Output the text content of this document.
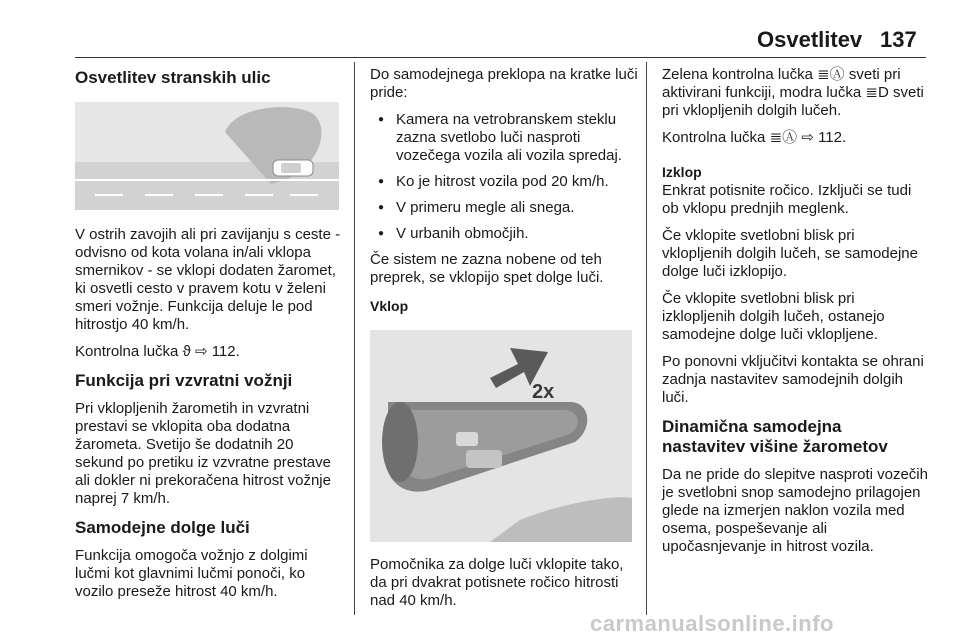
Osvetlitev 137
Osvetlitev stranskih ulic

V ostrih zavojih ali pri zavijanju s ceste - odvisno od kota volana in/ali vklopa smernikov - se vklopi dodaten žaromet, ki osvetli cesto v pravem kotu v želeni smeri vožnje. Funkcija deluje le pod hitrostjo 40 km/h.

Kontrolna lučka ϑ ⇨ 112.

Funkcija pri vzvratni vožnji

Pri vklopljenih žarometih in vzvratni prestavi se vklopita oba dodatna žarometa. Svetijo še dodatnih 20 sekund po pretiku iz vzvratne prestave ali dokler ni prekoračena hitrost vožnje naprej 7 km/h.

Samodejne dolge luči

Funkcija omogoča vožnjo z dolgimi lučmi kot glavnimi lučmi ponoči, ko vozilo preseže hitrost 40 km/h.

Do samodejnega preklopa na kratke luči pride:

● Kamera na vetrobranskem steklu zazna svetlobo luči nasproti vozečega vozila ali vozila spredaj.
● Ko je hitrost vozila pod 20 km/h.
● V primeru megle ali snega.
● V urbanih območjih.

Če sistem ne zazna nobene od teh preprek, se vklopijo spet dolge luči.

Vklop
2x

Pomočnika za dolge luči vklopite tako, da pri dvakrat potisnete ročico hitrosti nad 40 km/h.

Zelena kontrolna lučka ≣Ⓐ sveti pri aktivirani funkciji, modra lučka ≣D sveti pri vklopljenih dolgih lučeh.

Kontrolna lučka ≣Ⓐ ⇨ 112.

Izklop

Enkrat potisnite ročico. Izključi se tudi ob vklopu prednjih meglenk.

Če vklopite svetlobni blisk pri vklopljenih dolgih lučeh, se samodejne dolge luči izklopijo.

Če vklopite svetlobni blisk pri izklopljenih dolgih lučeh, ostanejo samodejne dolge luči vklopljene.

Po ponovni vključitvi kontakta se ohrani zadnja nastavitev samodejnih dolgih luči.

Dinamična samodejna nastavitev višine žarometov

Da ne pride do slepitve nasproti vozečih je svetlobni snop samodejno prilagojen glede na izmerjen naklon vozila med osema, pospeševanje ali upočasnjevanje in hitrost vozila.

carmanualsonline.info
